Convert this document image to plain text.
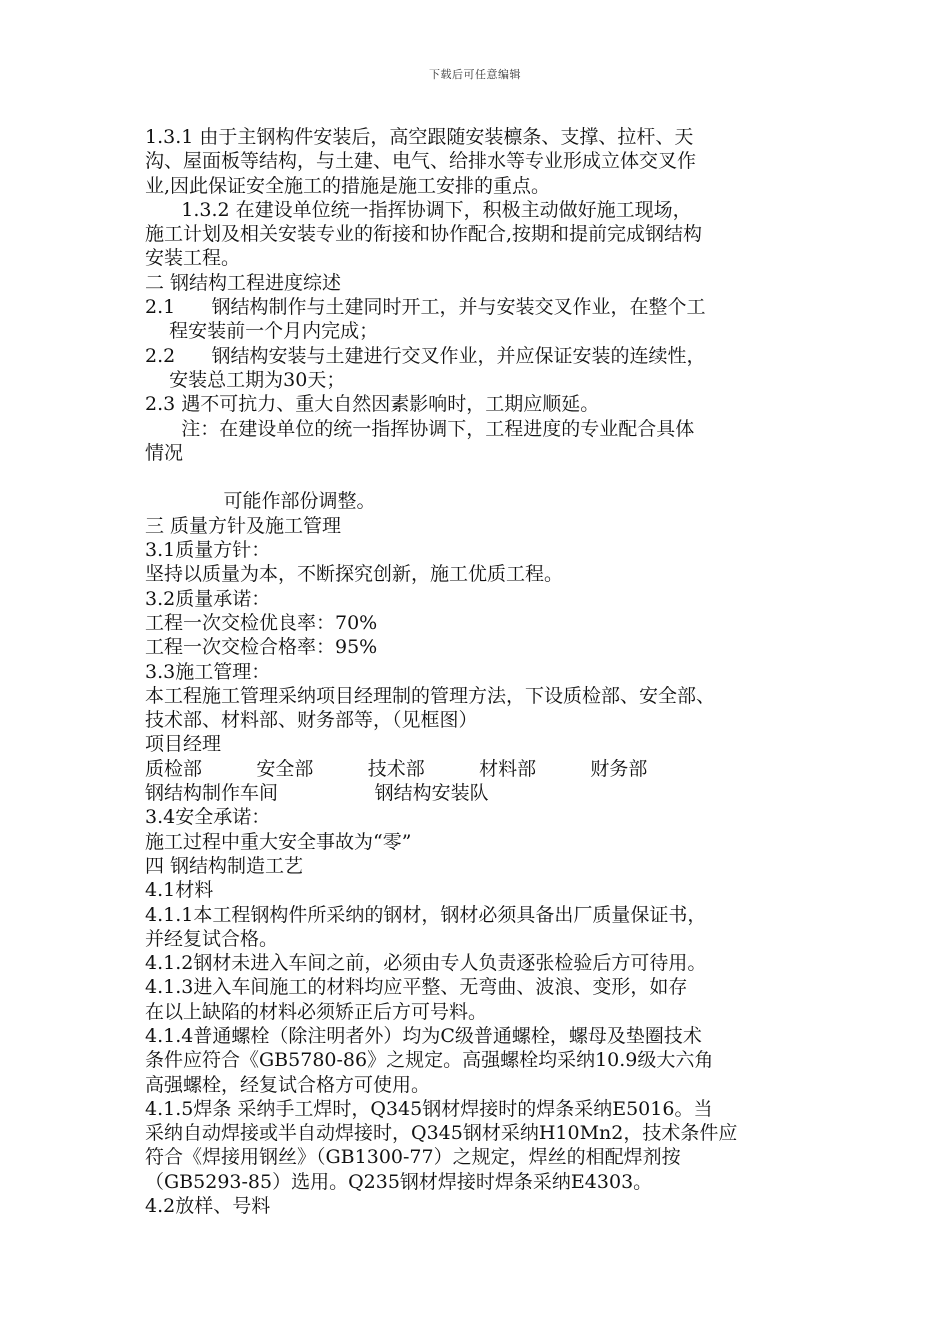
下载后可任意编辑
1.3.1 由于主钢构件安装后，高空跟随安装檩条、支撑、拉杆、天
沟、屋面板等结构，与土建、电气、给排水等专业形成立体交叉作
业,因此保证安全施工的措施是施工安排的重点。
1.3.2 在建设单位统一指挥协调下，积极主动做好施工现场，
施工计划及相关安装专业的衔接和协作配合,按期和提前完成钢结构
安装工程。
二 钢结构工程进度综述
2.1      钢结构制作与土建同时开工，并与安装交叉作业，在整个工
程安装前一个月内完成；
2.2      钢结构安装与土建进行交叉作业，并应保证安装的连续性，
安装总工期为30天；
2.3 遇不可抗力、重大自然因素影响时，工期应顺延。
注：在建设单位的统一指挥协调下，工程进度的专业配合具体
情况
可能作部份调整。
三 质量方针及施工管理
3.1质量方针：
坚持以质量为本，不断探究创新，施工优质工程。
3.2质量承诺：
工程一次交检优良率：70%
工程一次交检合格率：95%
3.3施工管理：
本工程施工管理采纳项目经理制的管理方法，下设质检部、安全部、
技术部、材料部、财务部等，（见框图）
项目经理
质检部         安全部         技术部         材料部         财务部
钢结构制作车间                钢结构安装队
3.4安全承诺：
施工过程中重大安全事故为“零”
四 钢结构制造工艺
4.1材料
4.1.1本工程钢构件所采纳的钢材，钢材必须具备出厂质量保证书，
并经复试合格。
4.1.2钢材未进入车间之前，必须由专人负责逐张检验后方可待用。
4.1.3进入车间施工的材料均应平整、无弯曲、波浪、变形，如存
在以上缺陷的材料必须矫正后方可号料。
4.1.4普通螺栓（除注明者外）均为C级普通螺栓，螺母及垫圈技术
条件应符合《GB5780-86》之规定。高强螺栓均采纳10.9级大六角
高强螺栓，经复试合格方可使用。
4.1.5焊条 采纳手工焊时，Q345钢材焊接时的焊条采纳E5016。当
采纳自动焊接或半自动焊接时，Q345钢材采纳H10Mn2，技术条件应
符合《焊接用钢丝》（GB1300-77）之规定，焊丝的相配焊剂按
（GB5293-85）选用。Q235钢材焊接时焊条采纳E4303。
4.2放样、号料
